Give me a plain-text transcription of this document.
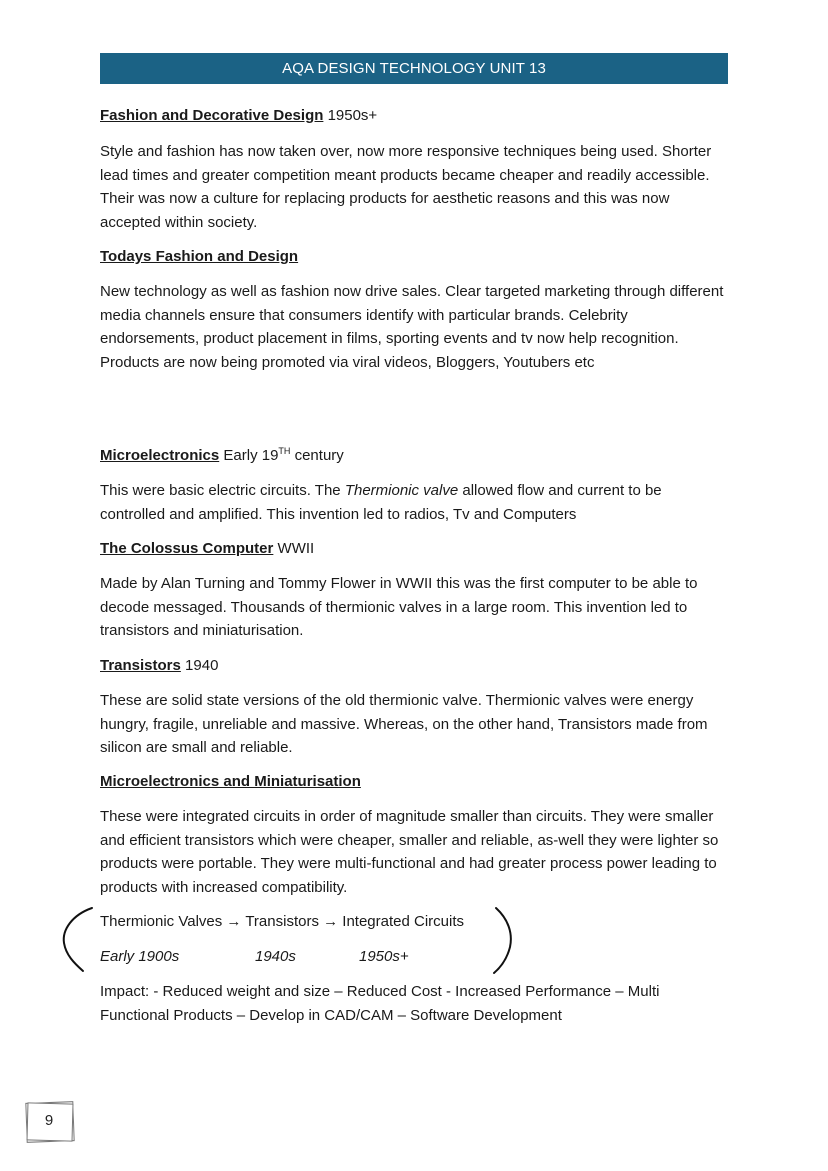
AQA DESIGN TECHNOLOGY UNIT 13

Fashion and Decorative Design 1950s+

Style and fashion has now taken over, now more responsive techniques being used. Shorter lead times and greater competition meant products became cheaper and readily accessible. Their was now a culture for replacing products for aesthetic reasons and this was now accepted within society.

Todays Fashion and Design

New technology as well as fashion now drive sales. Clear targeted marketing through different media channels ensure that consumers identify with particular brands. Celebrity endorsements, product placement in films, sporting events and tv now help recognition. Products are now being promoted via viral videos, Bloggers, Youtubers etc

Microelectronics Early 19TH century

This were basic electric circuits. The Thermionic valve allowed flow and current to be controlled and amplified. This invention led to radios, Tv and Computers

The Colossus Computer WWII

Made by Alan Turning and Tommy Flower in WWII this was the first computer to be able to decode messaged. Thousands of thermionic valves in a large room. This invention led to transistors and miniaturisation.

Transistors 1940

These are solid state versions of the old thermionic valve. Thermionic valves were energy hungry, fragile, unreliable and massive. Whereas, on the other hand, Transistors made from silicon are small and reliable.

Microelectronics and Miniaturisation

These were integrated circuits in order of magnitude smaller than circuits. They were smaller and efficient transistors which were cheaper, smaller and reliable, as-well they were lighter so products were portable. They were multi-functional and had greater process power leading to products with increased compatibility.

Thermionic Valves → Transistors → Integrated Circuits
Early 1900s	1940s	1950s+

Impact: - Reduced weight and size – Reduced Cost - Increased Performance – Multi Functional Products – Develop in CAD/CAM – Software Development

9
